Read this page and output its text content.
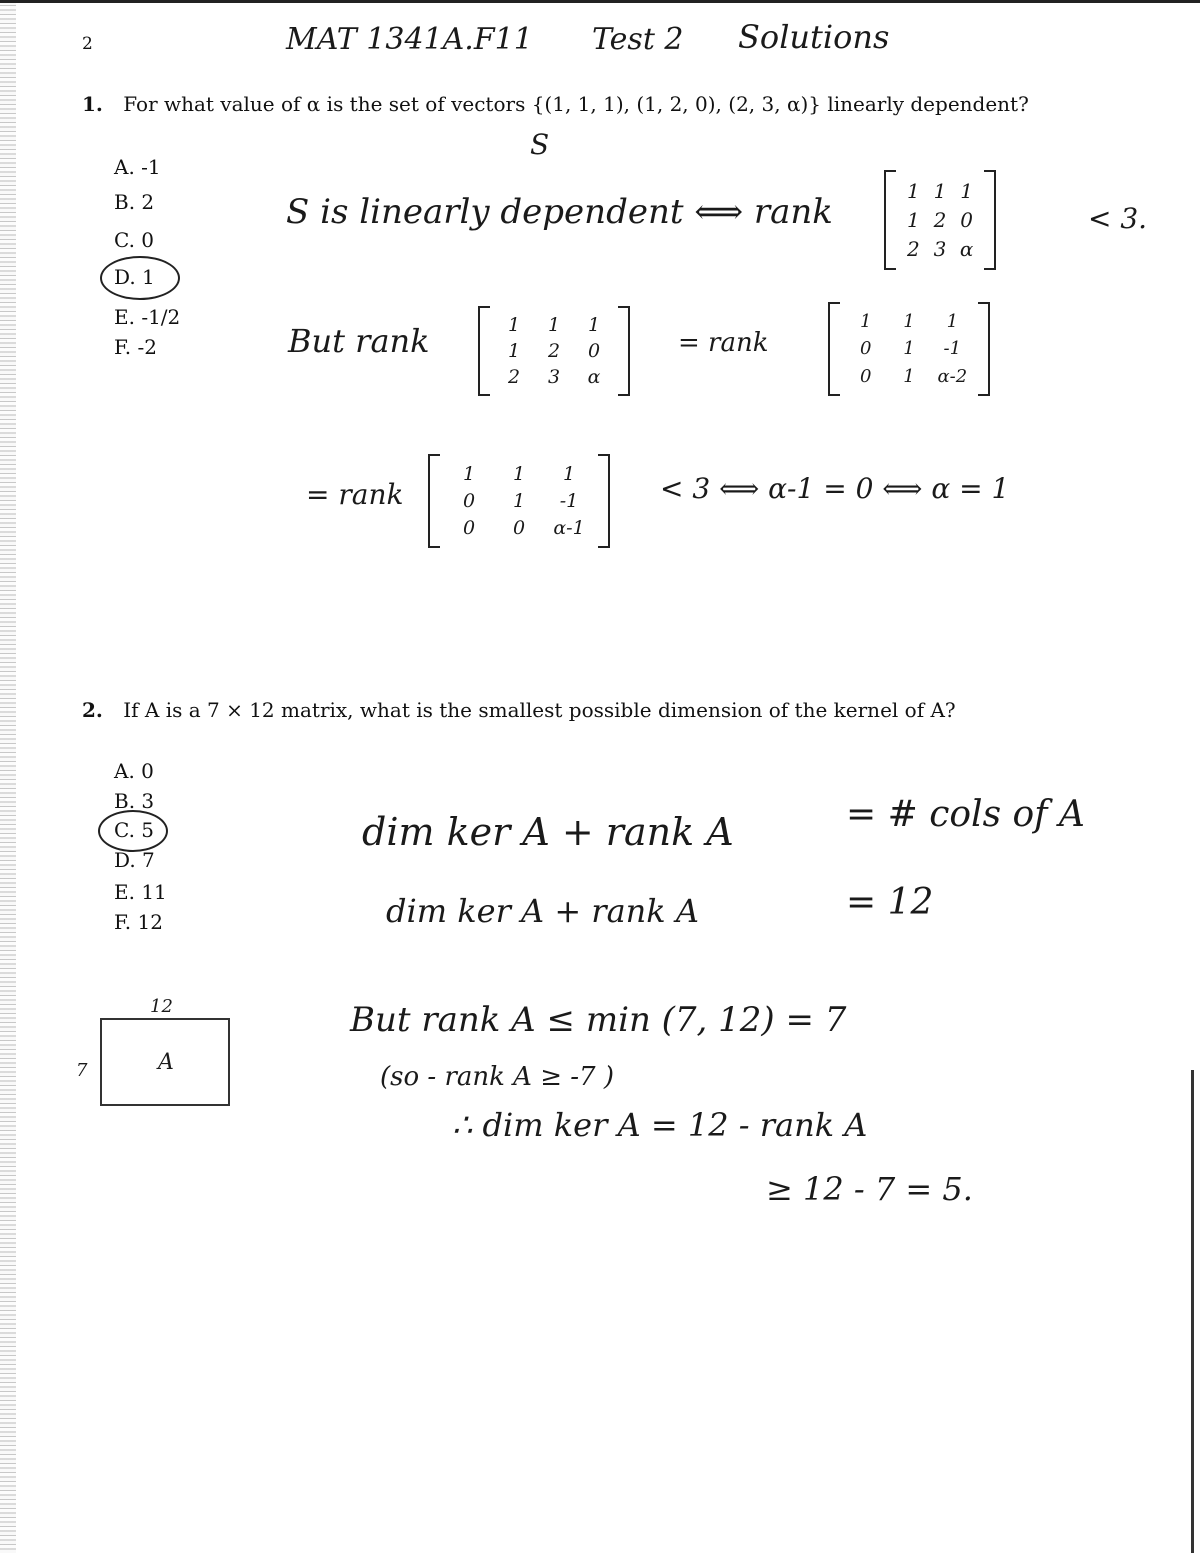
2	MAT 1341A.F11 Test 2 Solutions
1. For what value of α is the set of vectors {(1, 1, 1), (1, 2, 0), (2, 3, α)} linearly dependent?
A. -1
B. 2
C. 0
D. 1
E. -1/2
F. -2
S
S is linearly dependent ⟺ rank
1 1 1
1 2 0
2 3 α
< 3.
But rank	1 1 1
1 2 0
2 3 α
= rank
1 1 1
0 1 -1
0 1 α-2
= rank
1 1 1
0 1 -1
0 0 α-1
< 3 ⟺ α-1 = 0 ⟺ α = 1
2. If A is a 7 × 12 matrix, what is the smallest possible dimension of the kernel of A?
A. 0
B. 3
C. 5
D. 7
E. 11
F. 12
dim ker A + rank A	= # cols of A
dim ker A + rank A	= 12
But rank A ≤ min (7, 12) = 7
(so - rank A ≥ -7 )
∴ dim ker A = 12 - rank A
≥ 12 - 7 = 5.
12
7	A
